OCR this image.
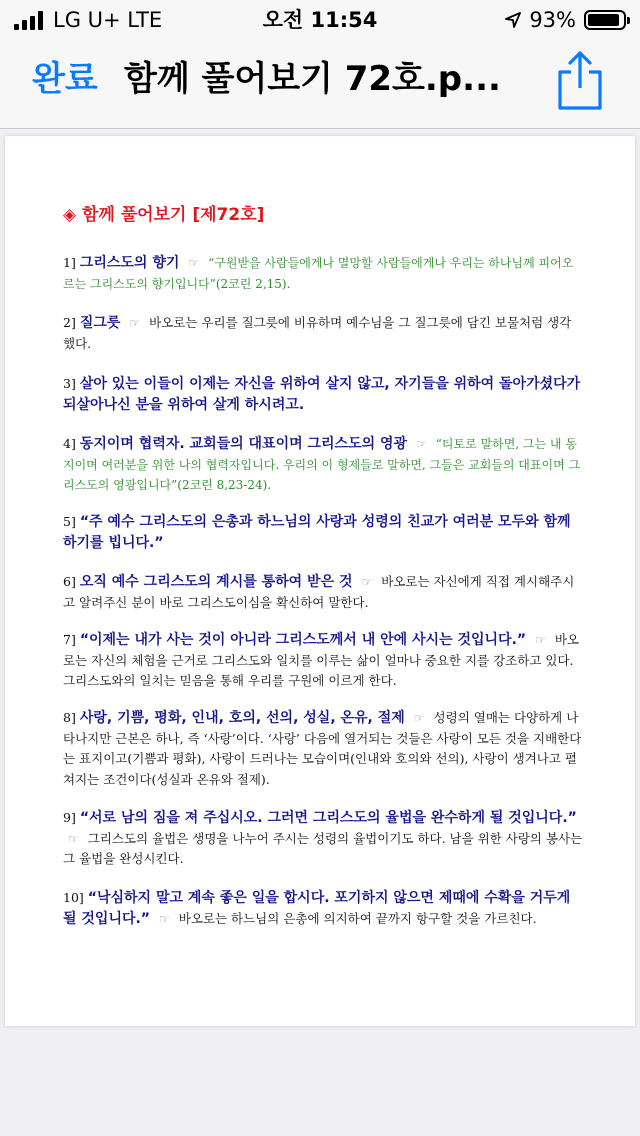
LG U+ LTE	오전 11:54	93%
완료 함께 풀어보기 72호.p...
◈ 함께 풀어보기 [제72호]
1] 그리스도의 향기 ☞ “구원받을 사람들에게나 멸망할 사람들에게나 우리는 하나님께 피어오르는 그리스도의 향기입니다”(2코린 2,15).
2] 질그릇 ☞ 바오로는 우리를 질그릇에 비유하며 예수님을 그 질그릇에 담긴 보물처럼 생각했다.
3] 살아 있는 이들이 이제는 자신을 위하여 살지 않고, 자기들을 위하여 돌아가셨다가 되살아나신 분을 위하여 살게 하시려고.
4] 동지이며 협력자. 교회들의 대표이며 그리스도의 영광 ☞ “티토로 말하면, 그는 내 동지이며 여러분을 위한 나의 협력자입니다. 우리의 이 형제들로 말하면, 그들은 교회들의 대표이며 그리스도의 영광입니다”(2코린 8,23-24).
5] “주 예수 그리스도의 은총과 하느님의 사랑과 성령의 친교가 여러분 모두와 함께 하기를 빕니다.”
6] 오직 예수 그리스도의 계시를 통하여 받은 것 ☞ 바오로는 자신에게 직접 계시해주시고 알려주신 분이 바로 그리스도이심을 확신하여 말한다.
7] “이제는 내가 사는 것이 아니라 그리스도께서 내 안에 사시는 것입니다.” ☞ 바오로는 자신의 체험을 근거로 그리스도와 일치를 이루는 삶이 얼마나 중요한 지를 강조하고 있다. 그리스도와의 일치는 믿음을 통해 우리를 구원에 이르게 한다.
8] 사랑, 기쁨, 평화, 인내, 호의, 선의, 성실, 온유, 절제 ☞ 성령의 열매는 다양하게 나타나지만 근본은 하나, 즉 ‘사랑’이다. ‘사랑’ 다음에 열거되는 것들은 사랑이 모든 것을 지배한다는 표지이고(기쁨과 평화), 사랑이 드러나는 모습이며(인내와 호의와 선의), 사랑이 생겨나고 펼쳐지는 조건이다(성실과 온유와 절제).
9] “서로 남의 짐을 져 주십시오. 그러면 그리스도의 율법을 완수하게 될 것입니다.” ☞ 그리스도의 율법은 생명을 나누어 주시는 성령의 율법이기도 하다. 남을 위한 사랑의 봉사는 그 율법을 완성시킨다.
10] “낙심하지 말고 계속 좋은 일을 합시다. 포기하지 않으면 제때에 수확을 거두게 될 것입니다.” ☞ 바오로는 하느님의 은총에 의지하여 끝까지 항구할 것을 가르친다.
